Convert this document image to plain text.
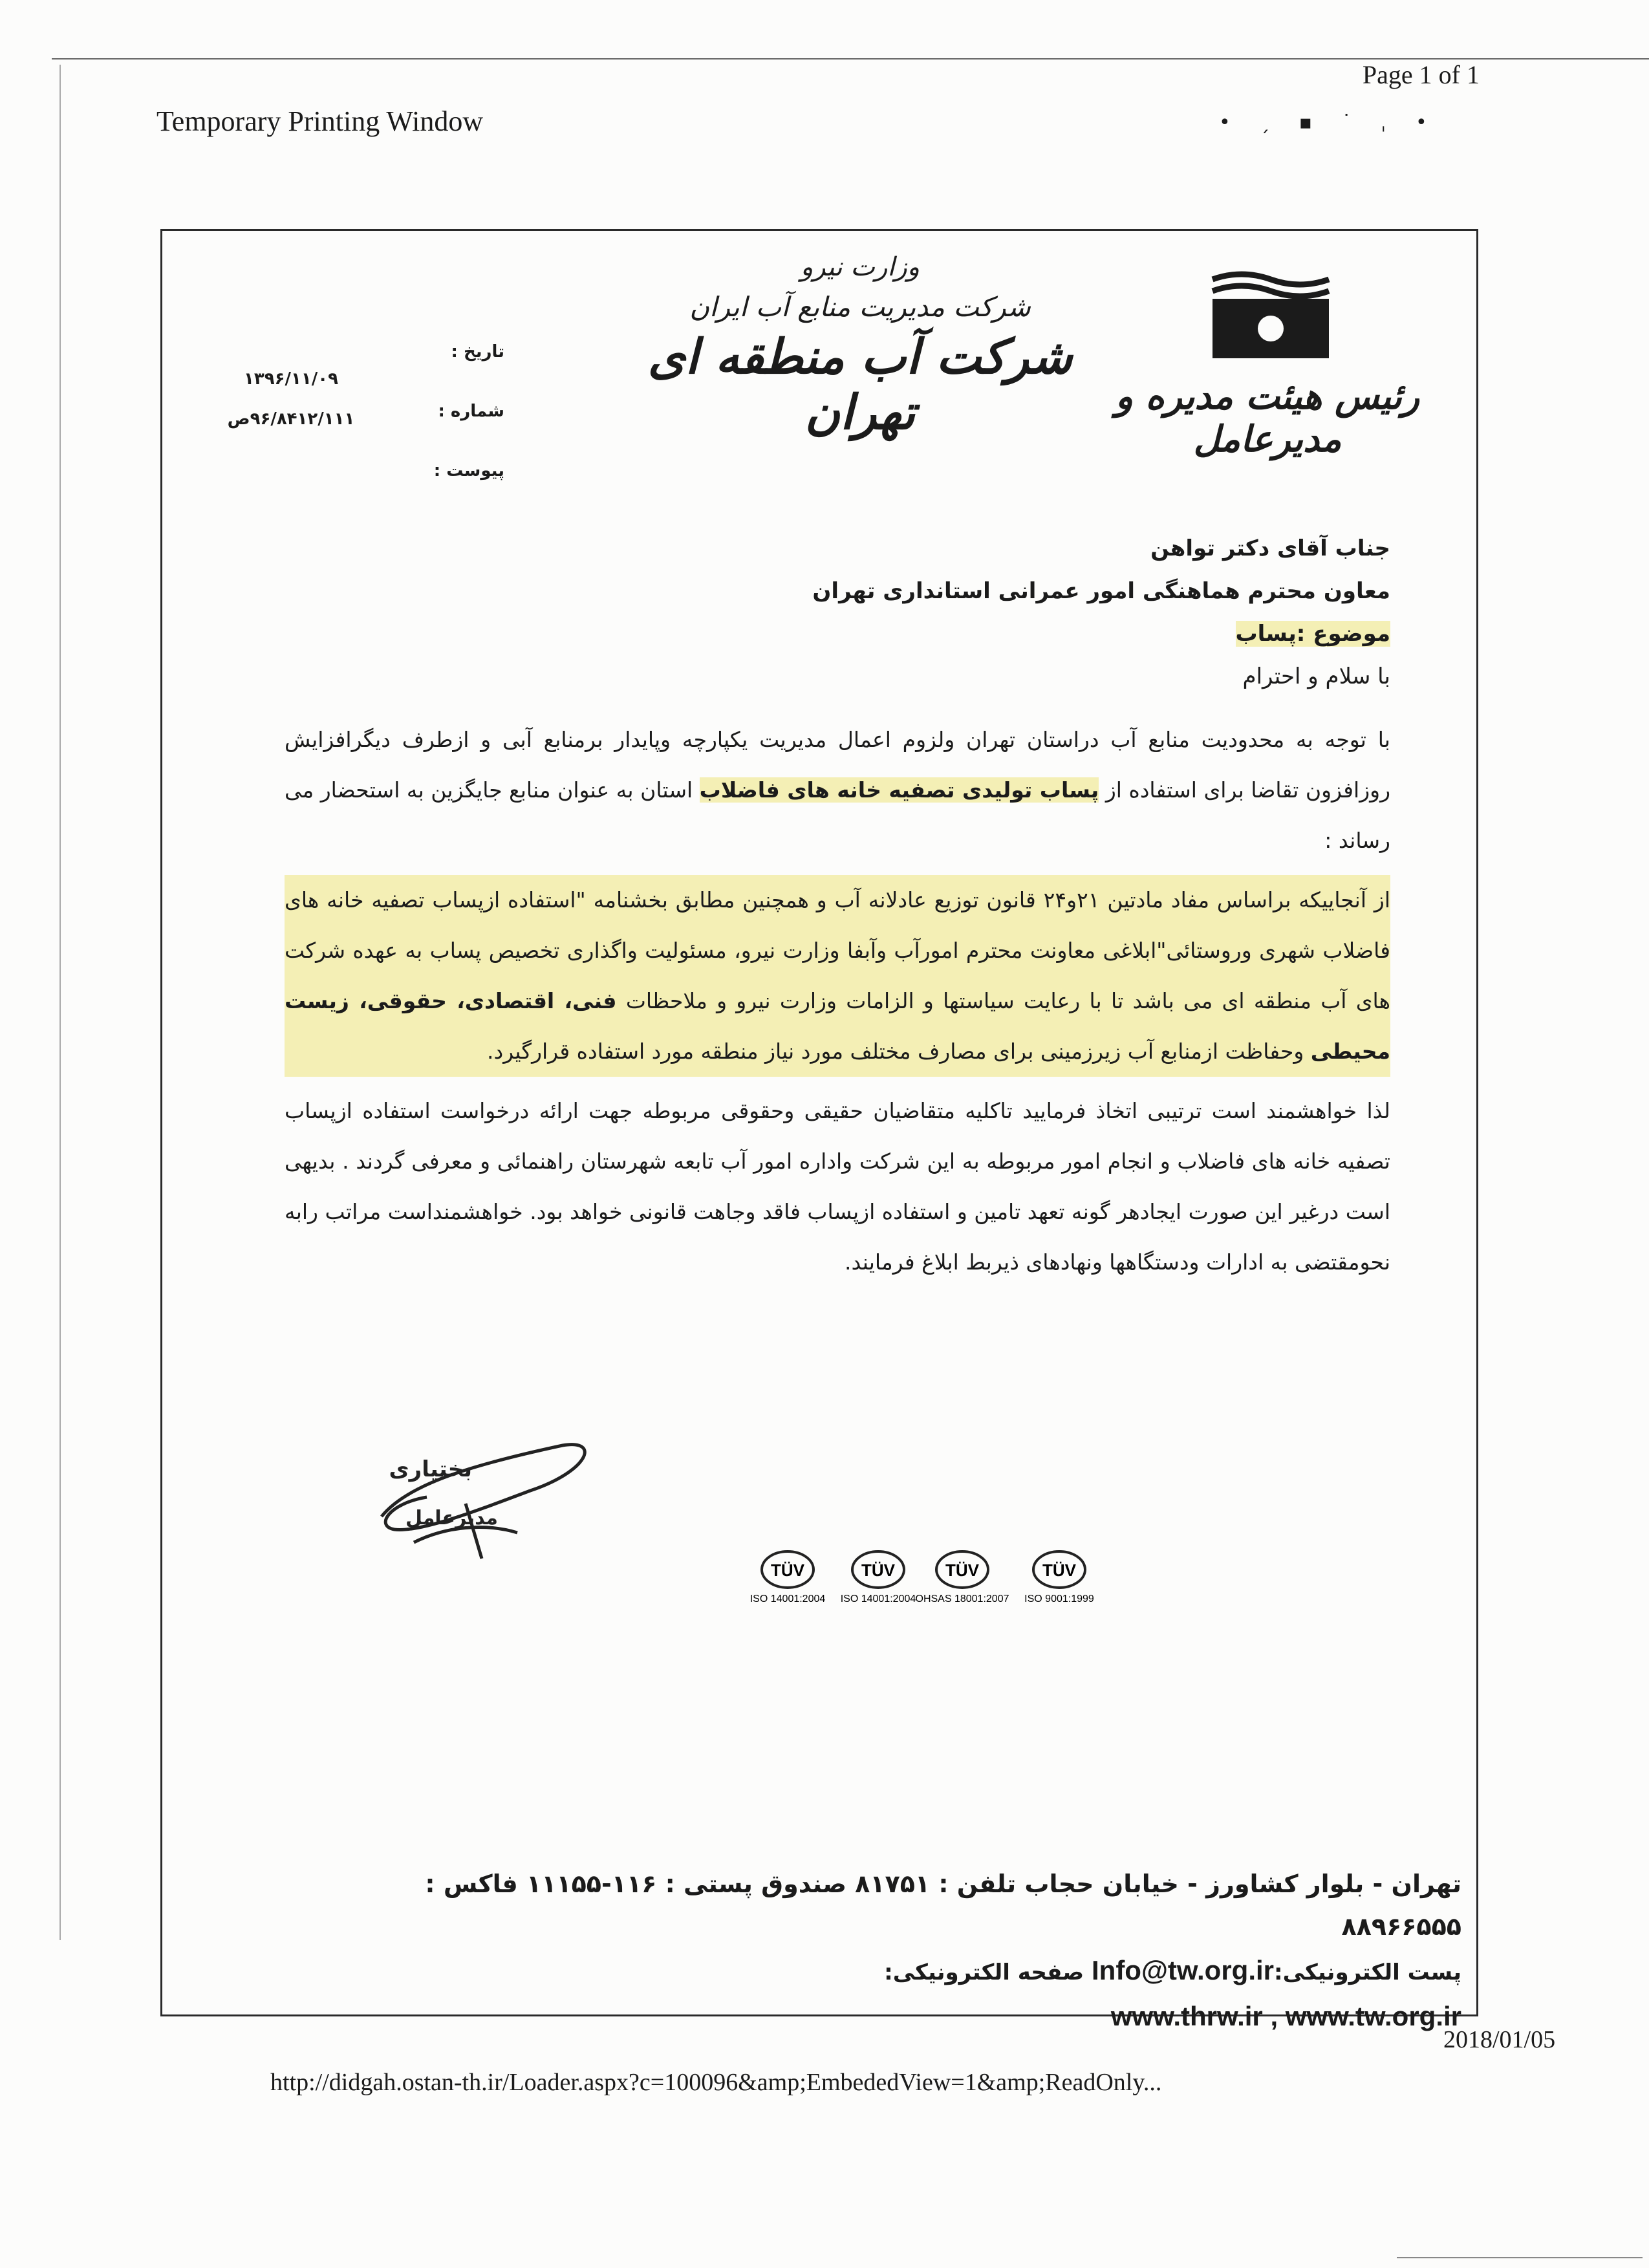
Temporary Printing Window
Page 1 of 1
• ˏ ▪ ˙ ˌ •
رئیس هیئت مدیره و مدیرعامل
وزارت نیرو
شرکت مدیریت منابع آب ایران
شرکت آب منطقه ای تهران
تاریخ :
شماره :
پیوست :
۱۳۹۶/۱۱/۰۹
۹۶/۸۴۱۲/۱۱۱ص
جناب آقای دکتر تواهن
معاون محترم هماهنگی امور عمرانی استانداری تهران
موضوع :پساب
با سلام و احترام

با توجه به محدودیت منابع آب دراستان تهران ولزوم اعمال مدیریت یکپارچه وپایدار برمنابع آبی و ازطرف دیگرافزایش روزافزون تقاضا برای استفاده از پساب تولیدی تصفیه خانه های فاضلاب استان به عنوان منابع جایگزین به استحضار می رساند :

از آنجاییکه براساس مفاد مادتین ۲۱و۲۴ قانون توزیع عادلانه آب و همچنین مطابق بخشنامه "استفاده ازپساب تصفیه خانه های فاضلاب شهری وروستائی"ابلاغی معاونت محترم امورآب وآبفا وزارت نیرو، مسئولیت واگذاری تخصیص پساب به عهده شرکت های آب منطقه ای می باشد تا با رعایت سیاستها و الزامات وزارت نیرو و ملاحظات فنی، اقتصادی، حقوقی، زیست محیطی وحفاظت ازمنابع آب زیرزمینی برای مصارف مختلف مورد نیاز منطقه مورد استفاده قرارگیرد.

لذا خواهشمند است ترتیبی اتخاذ فرمایید تاکلیه متقاضیان حقیقی وحقوقی مربوطه جهت ارائه درخواست استفاده ازپساب تصفیه خانه های فاضلاب و انجام امور مربوطه به این شرکت واداره امور آب تابعه شهرستان راهنمائی و معرفی گردند . بدیهی است درغیر این صورت ایجادهر گونه تعهد تامین و استفاده ازپساب فاقد وجاهت قانونی خواهد بود. خواهشمنداست مراتب رابه نحومقتضی به ادارات ودستگاهها ونهادهای ذیربط ابلاغ فرمایند.

بختیاری
مدیرعامل
TÜV
ISO 14001:2004
TÜV
ISO 14001:2004
TÜV
OHSAS 18001:2007
TÜV
ISO 9001:1999
تهران - بلوار کشاورز - خیابان حجاب تلفن : ۸۱۷۵۱ صندوق پستی : ۱۱۶-۱۱۱۵۵ فاکس : ۸۸۹۶۶۵۵۵
پست الکترونیکی:Info@tw.org.ir صفحه الکترونیکی:
www.thrw.ir , www.tw.org.ir
2018/01/05
http://didgah.ostan-th.ir/Loader.aspx?c=100096&amp;EmbededView=1&amp;ReadOnly...
